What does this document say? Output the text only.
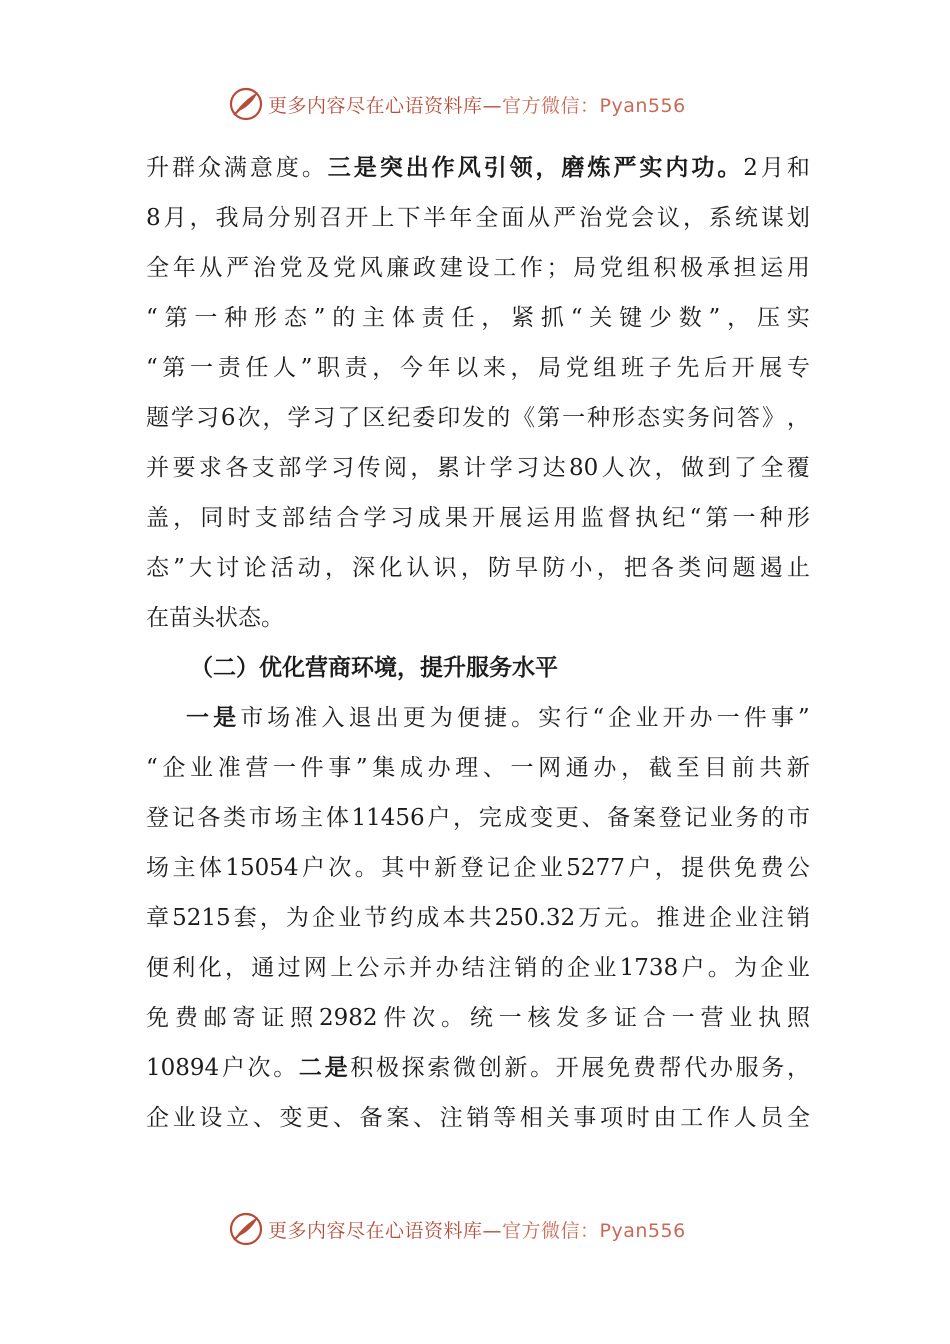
更多内容尽在心语资料库—官方微信：Pyan556
升 群 众 满 意 度 。 三 是 突 出 作 风 引 领 ， 磨 炼 严 实 内 功 。 2 月 和
8 月 ， 我 局 分 别 召 开 上 下 半 年 全 面 从 严 治 党 会 议 ， 系 统 谋 划
全 年 从 严 治 党 及 党 风 廉 政 建 设 工 作 ； 局 党 组 积 极 承 担 运 用
“ 第 一 种 形 态 ” 的 主 体 责 任 ， 紧 抓 “ 关 键 少 数 ” ， 压 实
“ 第 一 责 任 人 ” 职 责 ， 今 年 以 来 ， 局 党 组 班 子 先 后 开 展 专
题 学 习 6 次 ， 学 习 了 区 纪 委 印 发 的 《 第 一 种 形 态 实 务 问 答 》 ，
并 要 求 各 支 部 学 习 传 阅 ， 累 计 学 习 达 80 人 次 ， 做 到 了 全 覆
盖 ， 同 时 支 部 结 合 学 习 成 果 开 展 运 用 监 督 执 纪 “ 第 一 种 形
态 ” 大 讨 论 活 动 ， 深 化 认 识 ， 防 早 防 小 ， 把 各 类 问 题 遏 止
在 苗 头 状 态 。
（二）优化营商环境，提升服务水平
一 是 市 场 准 入 退 出 更 为 便 捷 。 实 行 “ 企 业 开 办 一 件 事 ”
“ 企 业 准 营 一 件 事 ” 集 成 办 理 、 一 网 通 办 ， 截 至 目 前 共 新
登 记 各 类 市 场 主 体 11456 户 ， 完 成 变 更 、 备 案 登 记 业 务 的 市
场 主 体 15054 户 次 。 其 中 新 登 记 企 业 5277 户 ， 提 供 免 费 公
章 5215 套 ， 为 企 业 节 约 成 本 共 250.32 万 元 。 推 进 企 业 注 销
便 利 化 ， 通 过 网 上 公 示 并 办 结 注 销 的 企 业 1738 户 。 为 企 业
免 费 邮 寄 证 照 2982 件 次 。 统 一 核 发 多 证 合 一 营 业 执 照
10894 户 次 。 二 是 积 极 探 索 微 创 新 。 开 展 免 费 帮 代 办 服 务 ，
企 业 设 立 、 变 更 、 备 案 、 注 销 等 相 关 事 项 时 由 工 作 人 员 全
更多内容尽在心语资料库—官方微信：Pyan556
